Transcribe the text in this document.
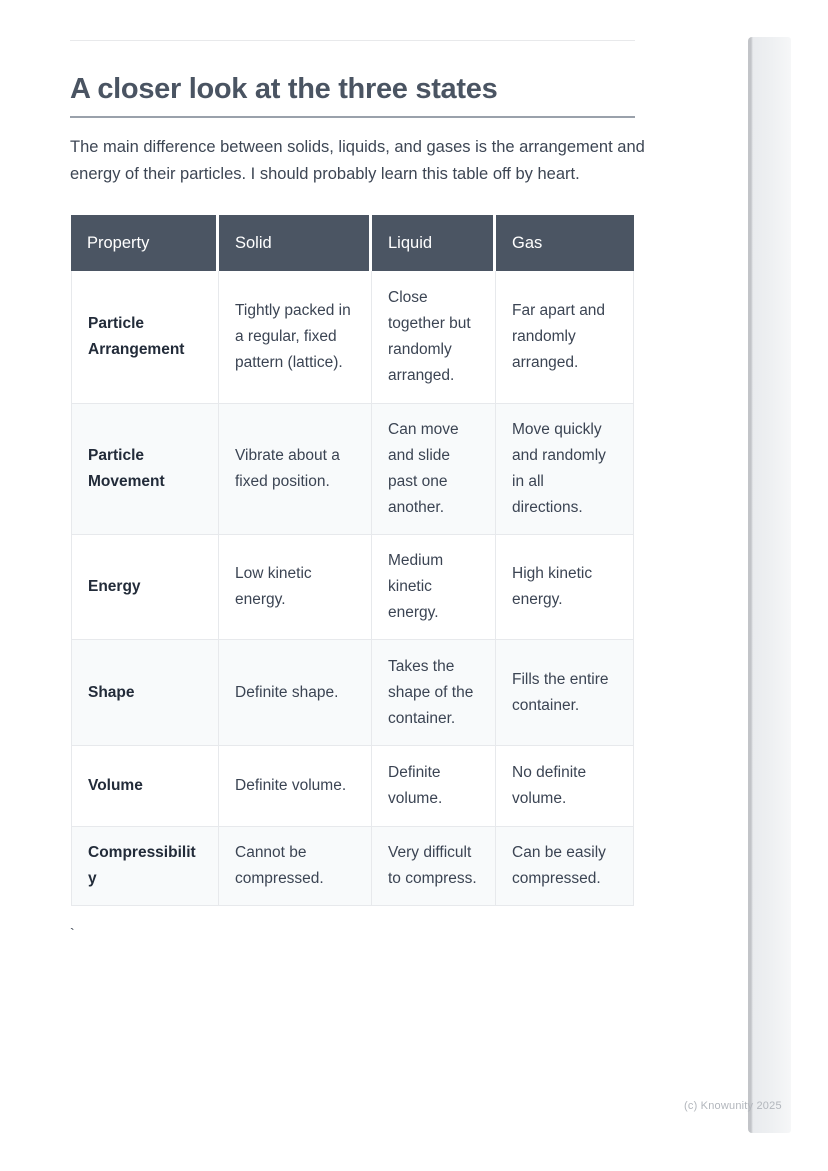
A closer look at the three states

The main difference between solids, liquids, and gases is the arrangement and energy of their particles. I should probably learn this table off by heart.

Property	Solid	Liquid	Gas
Particle Arrangement	Tightly packed in a regular, fixed pattern (lattice).	Close together but randomly arranged.	Far apart and randomly arranged.
Particle Movement	Vibrate about a fixed position.	Can move and slide past one another.	Move quickly and randomly in all directions.
Energy	Low kinetic energy.	Medium kinetic energy.	High kinetic energy.
Shape	Definite shape.	Takes the shape of the container.	Fills the entire container.
Volume	Definite volume.	Definite volume.	No definite volume.
Compressibility	Cannot be compressed.	Very difficult to compress.	Can be easily compressed.
`
(c) Knowunity 2025
